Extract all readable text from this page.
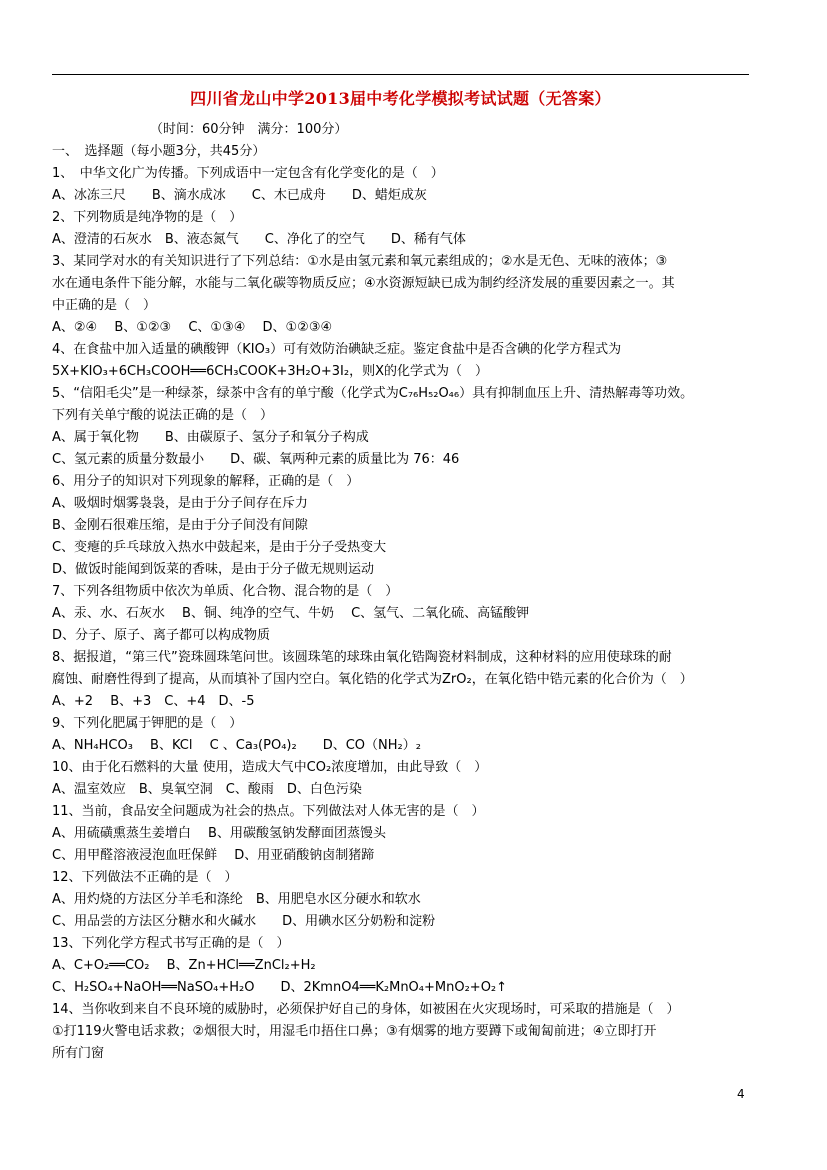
四川省龙山中学2013届中考化学模拟考试试题（无答案）
（时间：60分钟　满分：100分）
一、　选择题（每小题3分，共45分）
1、　中华文化广为传播。下列成语中一定包含有化学变化的是（　）
A、冰冻三尺　　B、滴水成冰　　C、木已成舟　　D、蜡炬成灰
2、下列物质是纯净物的是（　）
A、澄清的石灰水　B、液态氮气　　C、净化了的空气　　D、稀有气体
3、某同学对水的有关知识进行了下列总结：①水是由氢元素和氧元素组成的；②水是无色、无味的液体；③
水在通电条件下能分解，水能与二氧化碳等物质反应；④水资源短缺已成为制约经济发展的重要因素之一。其
中正确的是（　）
A、②④　 B、①②③　 C、①③④　 D、①②③④
4、在食盐中加入适量的碘酸钾（KIO₃）可有效防治碘缺乏症。鉴定食盐中是否含碘的化学方程式为
5X+KIO₃+6CH₃COOH══6CH₃COOK+3H₂O+3I₂，则X的化学式为（　）
5、“信阳毛尖”是一种绿茶，绿茶中含有的单宁酸（化学式为C₇₆H₅₂O₄₆）具有抑制血压上升、清热解毒等功效。
下列有关单宁酸的说法正确的是（　）
A、属于氧化物　　B、由碳原子、氢分子和氧分子构成
C、氢元素的质量分数最小　　D、碳、氧两种元素的质量比为 76：46
6、用分子的知识对下列现象的解释，正确的是（　）
A、吸烟时烟雾袅袅，是由于分子间存在斥力
B、金刚石很难压缩，是由于分子间没有间隙
C、变瘪的乒乓球放入热水中鼓起来，是由于分子受热变大
D、做饭时能闻到饭菜的香味，是由于分子做无规则运动
7、下列各组物质中依次为单质、化合物、混合物的是（　）
A、汞、水、石灰水　 B、铜、纯净的空气、牛奶　 C、氢气、二氧化硫、高锰酸钾
D、分子、原子、离子都可以构成物质
8、据报道，“第三代”瓷珠圆珠笔问世。该圆珠笔的球珠由氧化锆陶瓷材料制成，这种材料的应用使球珠的耐
腐蚀、耐磨性得到了提高，从而填补了国内空白。氧化锆的化学式为ZrO₂，在氧化锆中锆元素的化合价为（　）
A、+2　 B、+3　C、+4　D、-5
9、下列化肥属于钾肥的是（　）
A、NH₄HCO₃　 B、KCl　 C 、Ca₃(PO₄)₂　　D、CO（NH₂）₂
10、由于化石燃料的大量 使用，造成大气中CO₂浓度增加，由此导致（　）
A、温室效应　B、臭氧空洞　C、酸雨　D、白色污染
11、当前，食品安全问题成为社会的热点。下列做法对人体无害的是（　）
A、用硫磺熏蒸生姜增白　 B、用碳酸氢钠发酵面团蒸馒头
C、用甲醛溶液浸泡血旺保鲜　 D、用亚硝酸钠卤制猪蹄
12、下列做法不正确的是（　）
A、用灼烧的方法区分羊毛和涤纶　B、用肥皂水区分硬水和软水
C、用品尝的方法区分糖水和火碱水　　D、用碘水区分奶粉和淀粉
13、下列化学方程式书写正确的是（　）
A、C+O₂══CO₂　 B、Zn+HCl══ZnCl₂+H₂
C、H₂SO₄+NaOH══NaSO₄+H₂O　　D、2KmnO4══K₂MnO₄+MnO₂+O₂↑
14、当你收到来自不良环境的威胁时，必须保护好自己的身体，如被困在火灾现场时，可采取的措施是（　）
①打119火警电话求救；②烟很大时，用湿毛巾捂住口鼻；③有烟雾的地方要蹲下或匍匐前进；④立即打开
所有门窗
4
